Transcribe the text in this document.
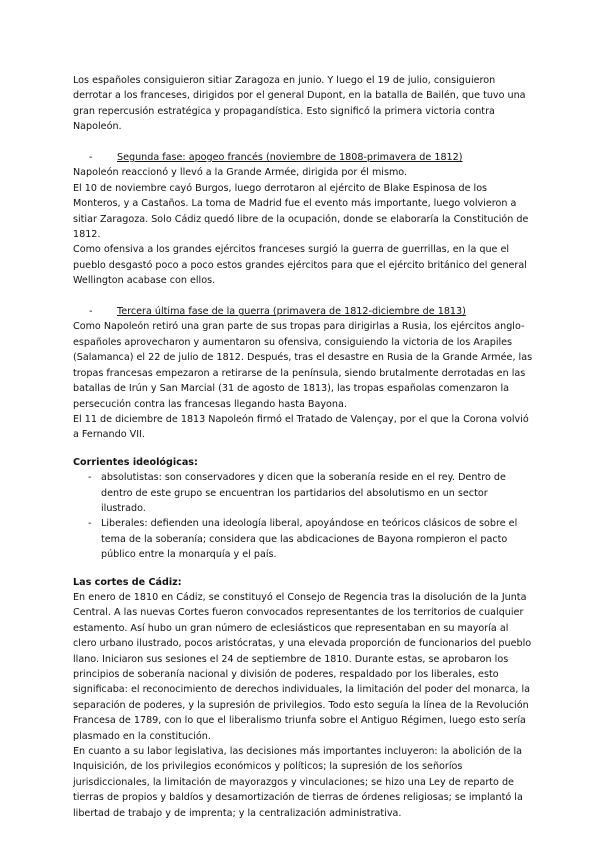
Los españoles consiguieron sitiar Zaragoza en junio. Y luego el 19 de julio, consiguieron derrotar a los franceses, dirigidos por el general Dupont, en la batalla de Bailén, que tuvo una gran repercusión estratégica y propagandística. Esto significó la primera victoria contra Napoleón.

-	Segunda fase: apogeo francés (noviembre de 1808-primavera de 1812)

Napoleón reaccionó y llevó a la Grande Armée, dirigida por él mismo.

El 10 de noviembre cayó Burgos, luego derrotaron al ejército de Blake Espinosa de los Monteros, y a Castaños. La toma de Madrid fue el evento más importante, luego volvieron a sitiar Zaragoza. Solo Cádiz quedó libre de la ocupación, donde se elaboraría la Constitución de 1812.

Como ofensiva a los grandes ejércitos franceses surgió la guerra de guerrillas, en la que el pueblo desgastó poco a poco estos grandes ejércitos para que el ejército británico del general Wellington acabase con ellos.

-	Tercera última fase de la guerra (primavera de 1812-diciembre de 1813)

Como Napoleón retiró una gran parte de sus tropas para dirigirlas a Rusia, los ejércitos anglo-españoles aprovecharon y aumentaron su ofensiva, consiguiendo la victoria de los Arapiles (Salamanca) el 22 de julio de 1812. Después, tras el desastre en Rusia de la Grande Armée, las tropas francesas empezaron a retirarse de la península, siendo brutalmente derrotadas en las batallas de Irún y San Marcial (31 de agosto de 1813), las tropas españolas comenzaron la persecución contra las francesas llegando hasta Bayona.

El 11 de diciembre de 1813 Napoleón firmó el Tratado de Valençay, por el que la Corona volvió a Fernando VII.

Corrientes ideológicas:

- absolutistas: son conservadores y dicen que la soberanía reside en el rey. Dentro de dentro de este grupo se encuentran los partidarios del absolutismo en un sector ilustrado.
- Liberales: defienden una ideología liberal, apoyándose en teóricos clásicos de sobre el tema de la soberanía; considera que las abdicaciones de Bayona rompieron el pacto público entre la monarquía y el país.

Las cortes de Cádiz:

En enero de 1810 en Cádiz, se constituyó el Consejo de Regencia tras la disolución de la Junta Central. A las nuevas Cortes fueron convocados representantes de los territorios de cualquier estamento. Así hubo un gran número de eclesiásticos que representaban en su mayoría al clero urbano ilustrado, pocos aristócratas, y una elevada proporción de funcionarios del pueblo llano. Iniciaron sus sesiones el 24 de septiembre de 1810. Durante estas, se aprobaron los principios de soberanía nacional y división de poderes, respaldado por los liberales, esto significaba: el reconocimiento de derechos individuales, la limitación del poder del monarca, la separación de poderes, y la supresión de privilegios. Todo esto seguía la línea de la Revolución Francesa de 1789, con lo que el liberalismo triunfa sobre el Antiguo Régimen, luego esto sería plasmado en la constitución.

En cuanto a su labor legislativa, las decisiones más importantes incluyeron: la abolición de la Inquisición, de los privilegios económicos y políticos; la supresión de los señoríos jurisdiccionales, la limitación de mayorazgos y vinculaciones; se hizo una Ley de reparto de tierras de propios y baldíos y desamortización de tierras de órdenes religiosas; se implantó la libertad de trabajo y de imprenta; y la centralización administrativa.
